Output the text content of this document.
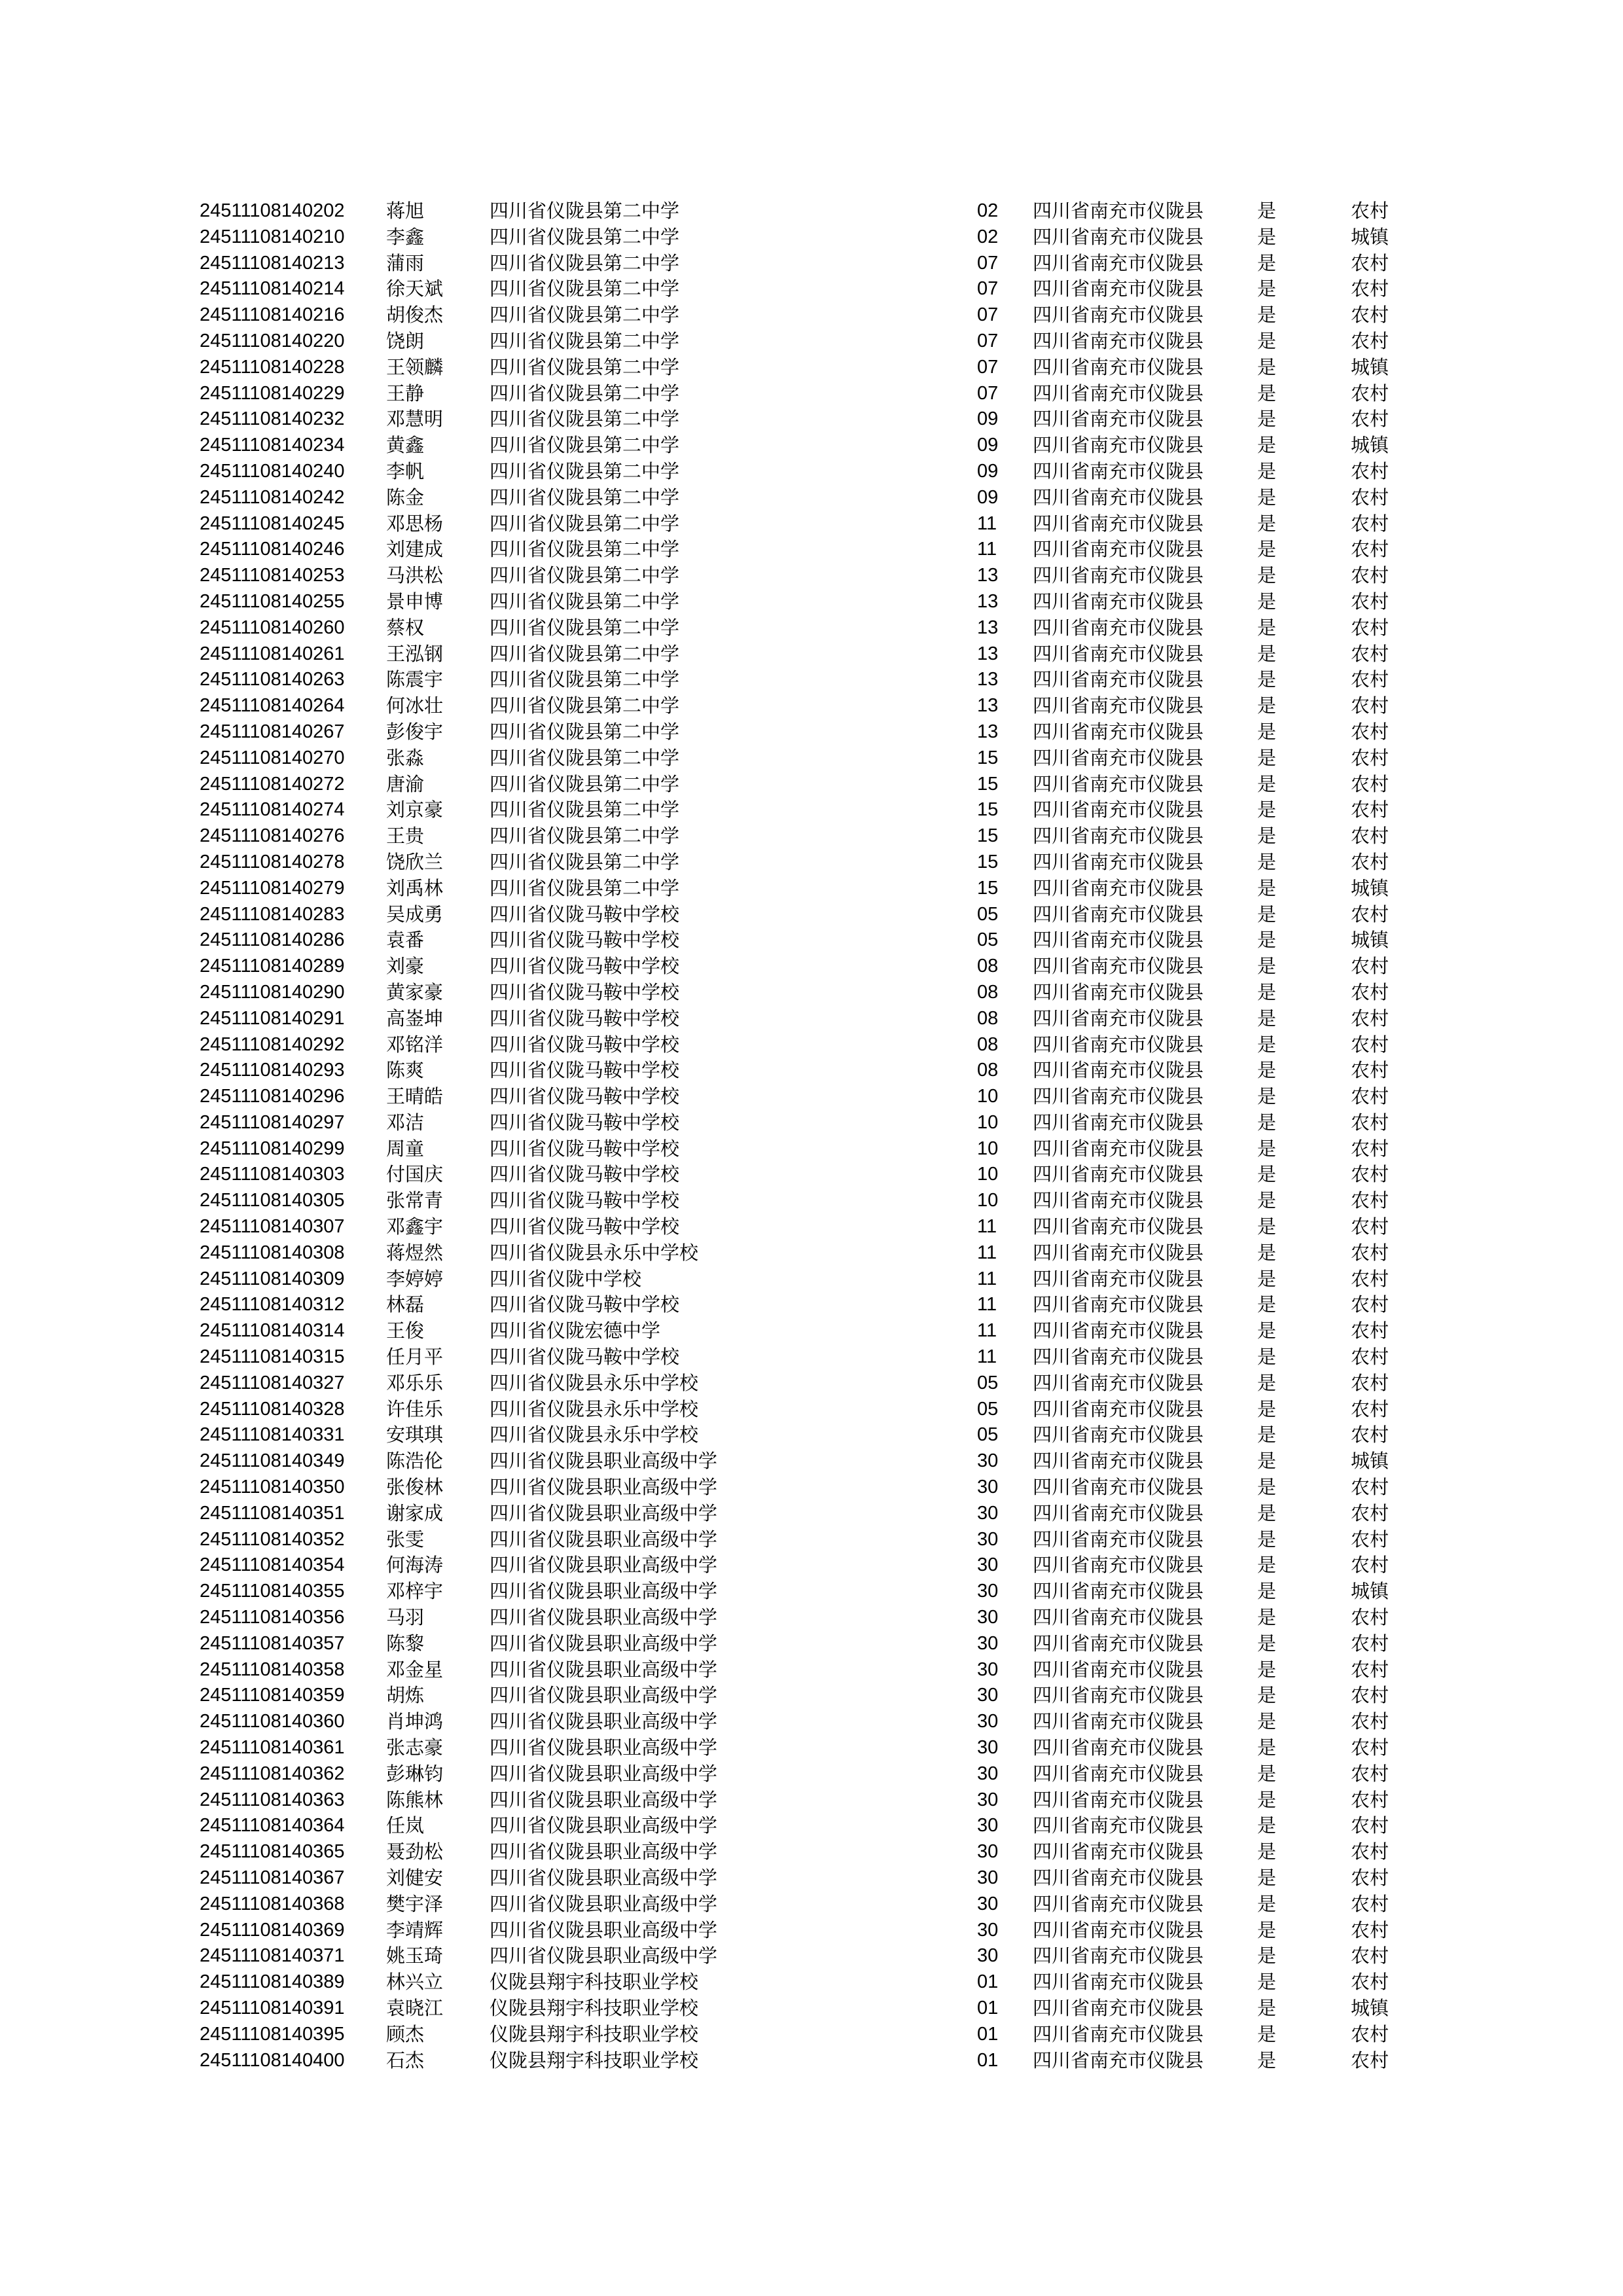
24511108140202 蒋旭	四川省仪陇县第二中学	02 四川省南充市仪陇县	是	农村
24511108140210 李鑫	四川省仪陇县第二中学	02 四川省南充市仪陇县	是	城镇
24511108140213 蒲雨	四川省仪陇县第二中学	07 四川省南充市仪陇县	是	农村
24511108140214 徐天斌 四川省仪陇县第二中学	07 四川省南充市仪陇县	是	农村
24511108140216 胡俊杰 四川省仪陇县第二中学	07 四川省南充市仪陇县	是	农村
24511108140220 饶朗	四川省仪陇县第二中学	07 四川省南充市仪陇县	是	农村
24511108140228 王领麟 四川省仪陇县第二中学	07 四川省南充市仪陇县	是	城镇
24511108140229 王静	四川省仪陇县第二中学	07 四川省南充市仪陇县	是	农村
24511108140232 邓慧明 四川省仪陇县第二中学	09 四川省南充市仪陇县	是	农村
24511108140234 黄鑫	四川省仪陇县第二中学	09 四川省南充市仪陇县	是	城镇
24511108140240 李帆	四川省仪陇县第二中学	09 四川省南充市仪陇县	是	农村
24511108140242 陈金	四川省仪陇县第二中学	09 四川省南充市仪陇县	是	农村
24511108140245 邓思杨 四川省仪陇县第二中学	11 四川省南充市仪陇县	是	农村
24511108140246 刘建成 四川省仪陇县第二中学	11 四川省南充市仪陇县	是	农村
24511108140253 马洪松 四川省仪陇县第二中学	13 四川省南充市仪陇县	是	农村
24511108140255 景申博 四川省仪陇县第二中学	13 四川省南充市仪陇县	是	农村
24511108140260 蔡权	四川省仪陇县第二中学	13 四川省南充市仪陇县	是	农村
24511108140261 王泓钢 四川省仪陇县第二中学	13 四川省南充市仪陇县	是	农村
24511108140263 陈震宇 四川省仪陇县第二中学	13 四川省南充市仪陇县	是	农村
24511108140264 何冰壮 四川省仪陇县第二中学	13 四川省南充市仪陇县	是	农村
24511108140267 彭俊宇 四川省仪陇县第二中学	13 四川省南充市仪陇县	是	农村
24511108140270 张淼	四川省仪陇县第二中学	15 四川省南充市仪陇县	是	农村
24511108140272 唐渝	四川省仪陇县第二中学	15 四川省南充市仪陇县	是	农村
24511108140274 刘京豪 四川省仪陇县第二中学	15 四川省南充市仪陇县	是	农村
24511108140276 王贵	四川省仪陇县第二中学	15 四川省南充市仪陇县	是	农村
24511108140278 饶欣兰 四川省仪陇县第二中学	15 四川省南充市仪陇县	是	农村
24511108140279 刘禹林 四川省仪陇县第二中学	15 四川省南充市仪陇县	是	城镇
24511108140283 吴成勇 四川省仪陇马鞍中学校	05 四川省南充市仪陇县	是	农村
24511108140286 袁番	四川省仪陇马鞍中学校	05 四川省南充市仪陇县	是	城镇
24511108140289 刘豪	四川省仪陇马鞍中学校	08 四川省南充市仪陇县	是	农村
24511108140290 黄家豪 四川省仪陇马鞍中学校	08 四川省南充市仪陇县	是	农村
24511108140291 高崟坤 四川省仪陇马鞍中学校	08 四川省南充市仪陇县	是	农村
24511108140292 邓铭洋 四川省仪陇马鞍中学校	08 四川省南充市仪陇县	是	农村
24511108140293 陈爽	四川省仪陇马鞍中学校	08 四川省南充市仪陇县	是	农村
24511108140296 王晴皓 四川省仪陇马鞍中学校	10 四川省南充市仪陇县	是	农村
24511108140297 邓洁	四川省仪陇马鞍中学校	10 四川省南充市仪陇县	是	农村
24511108140299 周童	四川省仪陇马鞍中学校	10 四川省南充市仪陇县	是	农村
24511108140303 付国庆 四川省仪陇马鞍中学校	10 四川省南充市仪陇县	是	农村
24511108140305 张常青 四川省仪陇马鞍中学校	10 四川省南充市仪陇县	是	农村
24511108140307 邓鑫宇 四川省仪陇马鞍中学校	11 四川省南充市仪陇县	是	农村
24511108140308 蒋煜然 四川省仪陇县永乐中学校	11 四川省南充市仪陇县	是	农村
24511108140309 李婷婷 四川省仪陇中学校	11 四川省南充市仪陇县	是	农村
24511108140312 林磊	四川省仪陇马鞍中学校	11 四川省南充市仪陇县	是	农村
24511108140314 王俊	四川省仪陇宏德中学	11 四川省南充市仪陇县	是	农村
24511108140315 任月平 四川省仪陇马鞍中学校	11 四川省南充市仪陇县	是	农村
24511108140327 邓乐乐 四川省仪陇县永乐中学校	05 四川省南充市仪陇县	是	农村
24511108140328 许佳乐 四川省仪陇县永乐中学校	05 四川省南充市仪陇县	是	农村
24511108140331 安琪琪 四川省仪陇县永乐中学校	05 四川省南充市仪陇县	是	农村
24511108140349 陈浩伦 四川省仪陇县职业高级中学	30 四川省南充市仪陇县	是	城镇
24511108140350 张俊林 四川省仪陇县职业高级中学	30 四川省南充市仪陇县	是	农村
24511108140351 谢家成 四川省仪陇县职业高级中学	30 四川省南充市仪陇县	是	农村
24511108140352 张雯	四川省仪陇县职业高级中学	30 四川省南充市仪陇县	是	农村
24511108140354 何海涛 四川省仪陇县职业高级中学	30 四川省南充市仪陇县	是	农村
24511108140355 邓梓宇 四川省仪陇县职业高级中学	30 四川省南充市仪陇县	是	城镇
24511108140356 马羽	四川省仪陇县职业高级中学	30 四川省南充市仪陇县	是	农村
24511108140357 陈黎	四川省仪陇县职业高级中学	30 四川省南充市仪陇县	是	农村
24511108140358 邓金星 四川省仪陇县职业高级中学	30 四川省南充市仪陇县	是	农村
24511108140359 胡炼	四川省仪陇县职业高级中学	30 四川省南充市仪陇县	是	农村
24511108140360 肖坤鸿 四川省仪陇县职业高级中学	30 四川省南充市仪陇县	是	农村
24511108140361 张志豪 四川省仪陇县职业高级中学	30 四川省南充市仪陇县	是	农村
24511108140362 彭琳钧 四川省仪陇县职业高级中学	30 四川省南充市仪陇县	是	农村
24511108140363 陈熊林 四川省仪陇县职业高级中学	30 四川省南充市仪陇县	是	农村
24511108140364 任岚	四川省仪陇县职业高级中学	30 四川省南充市仪陇县	是	农村
24511108140365 聂劲松 四川省仪陇县职业高级中学	30 四川省南充市仪陇县	是	农村
24511108140367 刘健安 四川省仪陇县职业高级中学	30 四川省南充市仪陇县	是	农村
24511108140368 樊宇泽 四川省仪陇县职业高级中学	30 四川省南充市仪陇县	是	农村
24511108140369 李靖辉 四川省仪陇县职业高级中学	30 四川省南充市仪陇县	是	农村
24511108140371 姚玉琦 四川省仪陇县职业高级中学	30 四川省南充市仪陇县	是	农村
24511108140389 林兴立 仪陇县翔宇科技职业学校	01 四川省南充市仪陇县	是	农村
24511108140391 袁晓江 仪陇县翔宇科技职业学校	01 四川省南充市仪陇县	是	城镇
24511108140395 顾杰	仪陇县翔宇科技职业学校	01 四川省南充市仪陇县	是	农村
24511108140400 石杰	仪陇县翔宇科技职业学校	01 四川省南充市仪陇县	是	农村
